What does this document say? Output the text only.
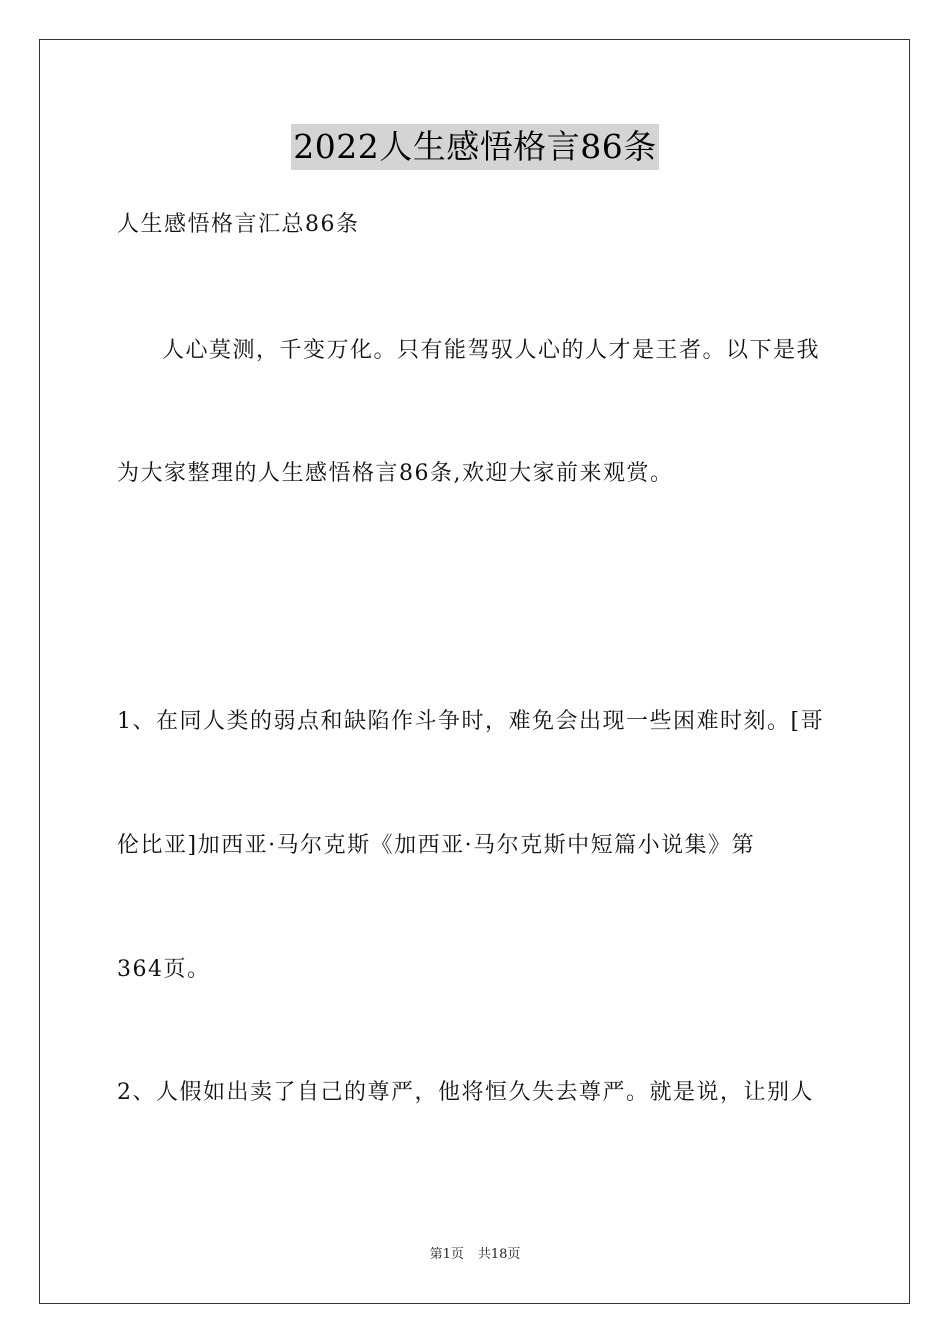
2022人生感悟格言86条
人生感悟格言汇总86条
人心莫测，千变万化。只有能驾驭人心的人才是王者。以下是我
为大家整理的人生感悟格言86条,欢迎大家前来观赏。
1、在同人类的弱点和缺陷作斗争时，难免会出现一些困难时刻。[哥
伦比亚]加西亚·马尔克斯《加西亚·马尔克斯中短篇小说集》第
364页。
2、人假如出卖了自己的尊严，他将恒久失去尊严。就是说，让别人
第1页 共18页
